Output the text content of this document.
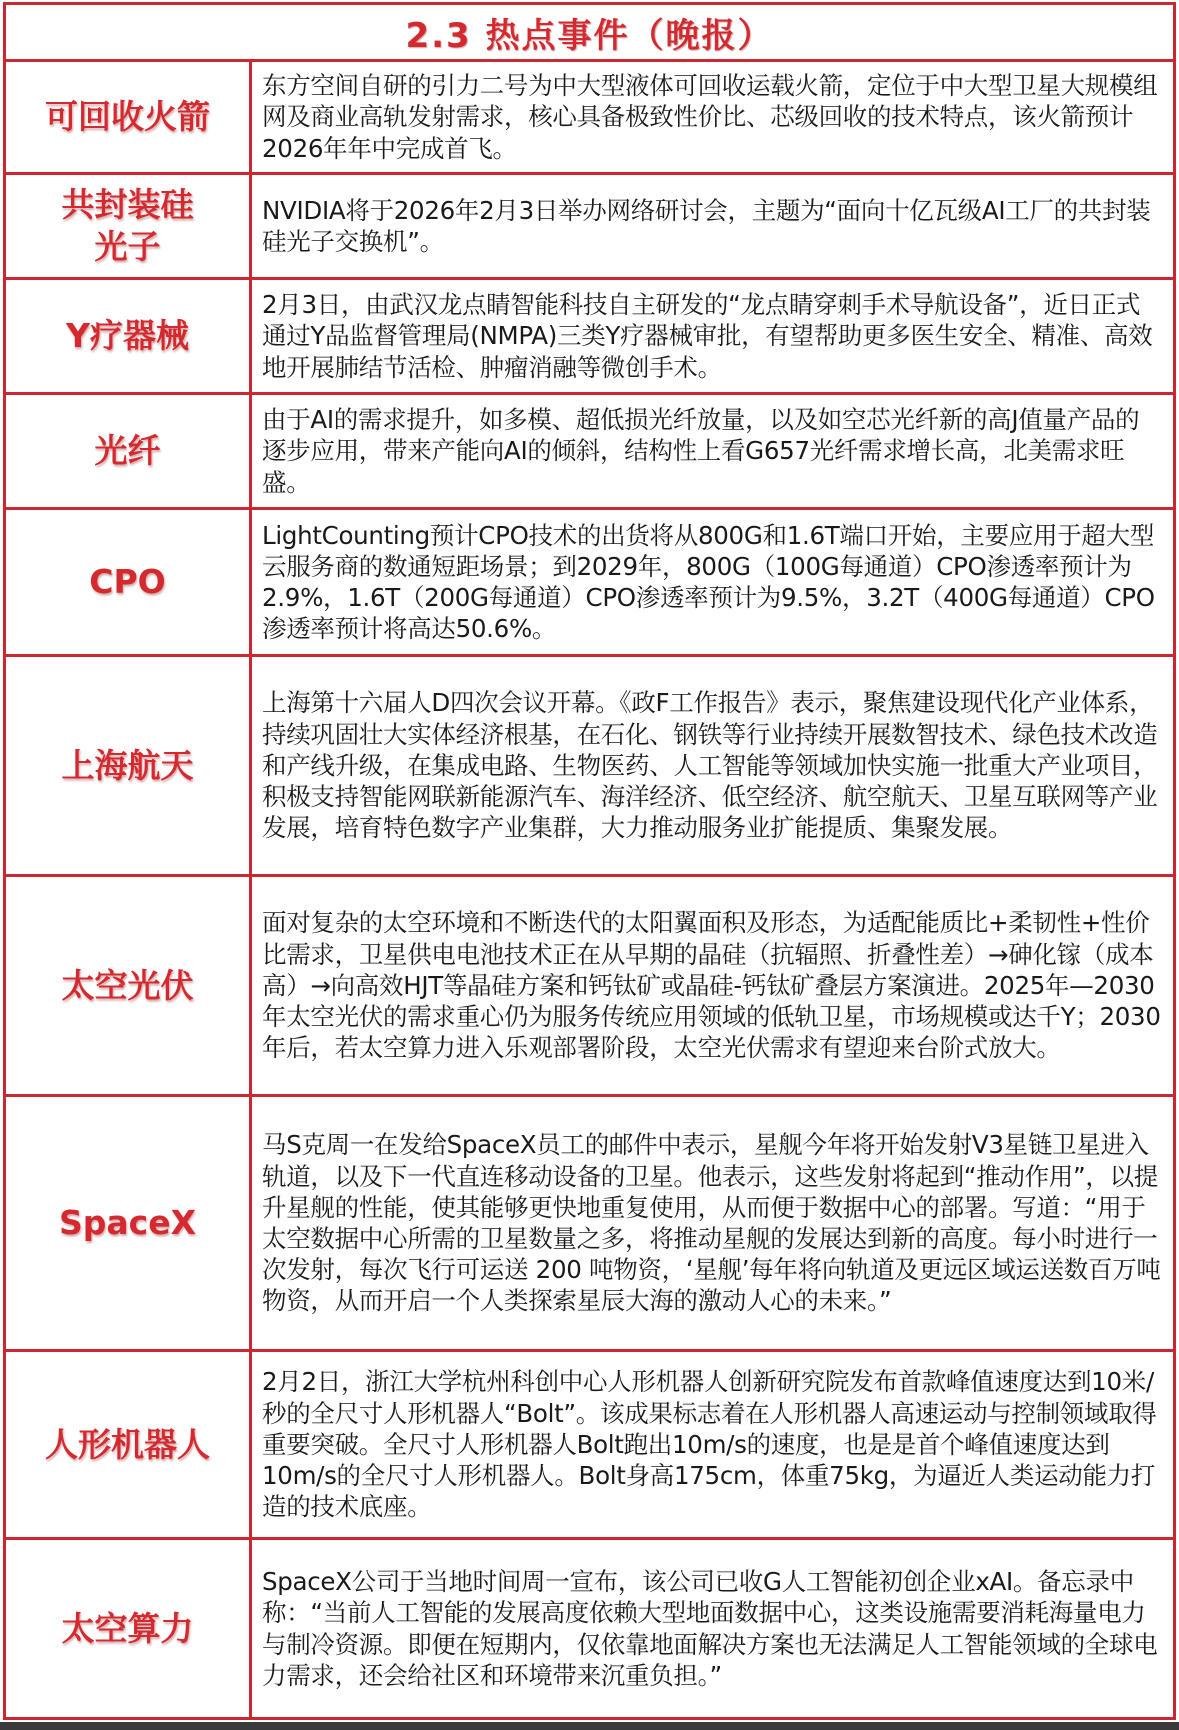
2.3 热点事件（晚报）	
可回收火箭	东方空间自研的引力二号为中大型液体可回收运载火箭，定位于中大型卫星大规模组网及商业高轨发射需求，核心具备极致性价比、芯级回收的技术特点，该火箭预计2026年年中完成首飞。
共封装硅光子	NVIDIA将于2026年2月3日举办网络研讨会，主题为“面向十亿瓦级AI工厂的共封装硅光子交换机”。
Y疗器械	2月3日，由武汉龙点睛智能科技自主研发的“龙点睛穿刺手术导航设备”，近日正式通过Y品监督管理局(NMPA)三类Y疗器械审批，有望帮助更多医生安全、精准、高效地开展肺结节活检、肿瘤消融等微创手术。
光纤	由于AI的需求提升，如多模、超低损光纤放量，以及如空芯光纤新的高J值量产品的逐步应用，带来产能向AI的倾斜，结构性上看G657光纤需求增长高，北美需求旺盛。
CPO	LightCounting预计CPO技术的出货将从800G和1.6T端口开始，主要应用于超大型云服务商的数通短距场景；到2029年，800G（100G每通道）CPO渗透率预计为2.9%，1.6T（200G每通道）CPO渗透率预计为9.5%，3.2T（400G每通道）CPO渗透率预计将高达50.6%。
上海航天	上海第十六届人D四次会议开幕。《政F工作报告》表示，聚焦建设现代化产业体系，持续巩固壮大实体经济根基，在石化、钢铁等行业持续开展数智技术、绿色技术改造和产线升级，在集成电路、生物医药、人工智能等领域加快实施一批重大产业项目，积极支持智能网联新能源汽车、海洋经济、低空经济、航空航天、卫星互联网等产业发展，培育特色数字产业集群，大力推动服务业扩能提质、集聚发展。
太空光伏	面对复杂的太空环境和不断迭代的太阳翼面积及形态，为适配能质比+柔韧性+性价比需求，卫星供电电池技术正在从早期的晶硅（抗辐照、折叠性差）→砷化镓（成本高）→向高效HJT等晶硅方案和钙钛矿或晶硅-钙钛矿叠层方案演进。2025年—2030年太空光伏的需求重心仍为服务传统应用领域的低轨卫星，市场规模或达千Y；2030年后，若太空算力进入乐观部署阶段，太空光伏需求有望迎来台阶式放大。
SpaceX	马S克周一在发给SpaceX员工的邮件中表示，星舰今年将开始发射V3星链卫星进入轨道，以及下一代直连移动设备的卫星。他表示，这些发射将起到“推动作用”，以提升星舰的性能，使其能够更快地重复使用，从而便于数据中心的部署。写道：“用于太空数据中心所需的卫星数量之多，将推动星舰的发展达到新的高度。每小时进行一次发射，每次飞行可运送 200 吨物资，‘星舰’每年将向轨道及更远区域运送数百万吨物资，从而开启一个人类探索星辰大海的激动人心的未来。”
人形机器人	2月2日，浙江大学杭州科创中心人形机器人创新研究院发布首款峰值速度达到10米/秒的全尺寸人形机器人“Bolt”。该成果标志着在人形机器人高速运动与控制领域取得重要突破。全尺寸人形机器人Bolt跑出10m/s的速度，也是是首个峰值速度达到10m/s的全尺寸人形机器人。Bolt身高175cm，体重75kg，为逼近人类运动能力打造的技术底座。
太空算力	SpaceX公司于当地时间周一宣布，该公司已收G人工智能初创企业xAI。备忘录中称：“当前人工智能的发展高度依赖大型地面数据中心，这类设施需要消耗海量电力与制冷资源。即便在短期内，仅依靠地面解决方案也无法满足人工智能领域的全球电力需求，还会给社区和环境带来沉重负担。”
